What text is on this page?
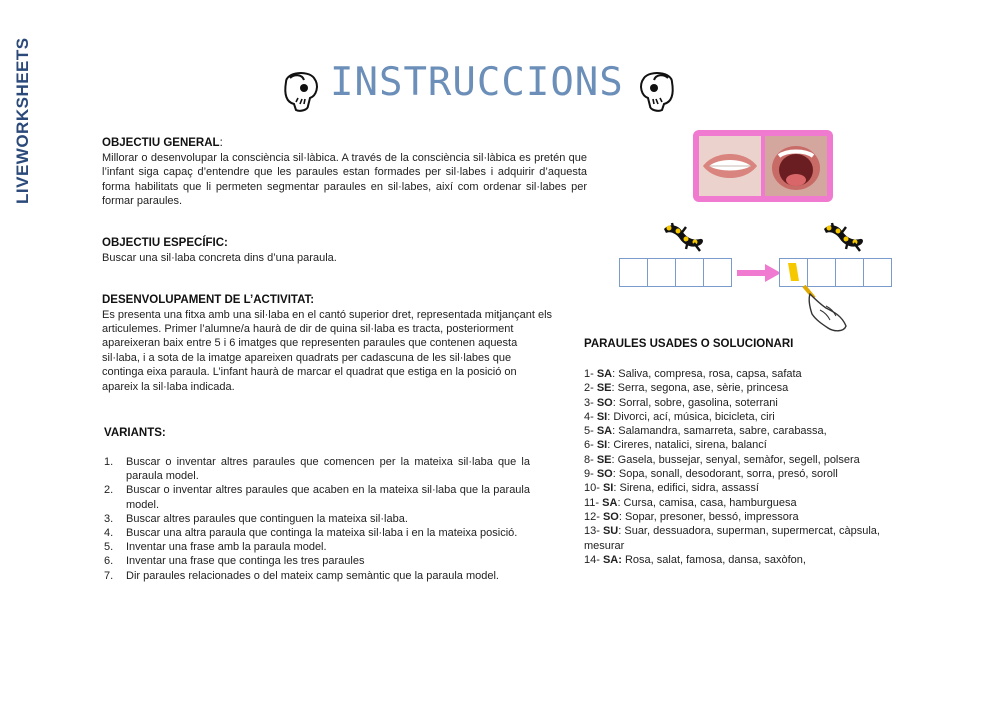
LIVEWORKSHEETS	INSTRUCCIONS
OBJECTIU GENERAL:
Millorar o desenvolupar la consciència sil·làbica. A través de la consciència sil·làbica es pretén que l’infant siga capaç d’entendre que les paraules estan formades per sil·labes i adquirir d’aquesta forma habilitats que li permeten segmentar paraules en sil·labes, així com ordenar sil·labes per formar paraules.
OBJECTIU ESPECÍFIC:
Buscar una sil·laba concreta dins d’una paraula.
DESENVOLUPAMENT DE L’ACTIVITAT:
Es presenta una fitxa amb una sil·laba en el cantó superior dret, representada mitjançant els
articulemes. Primer l’alumne/a haurà de dir de quina sil·laba es tracta, posteriorment apareixeran baix entre 5 i 6 imatges que representen paraules que contenen aquesta sil·laba, i a sota de la imatge apareixen quadrats per cadascuna de les sil·labes que continga eixa paraula. L’infant haurà de marcar el quadrat que estiga en la posició on apareix la sil·laba indicada.
VARIANTS:
1. Buscar o inventar altres paraules que comencen per la mateixa sil·laba que la paraula model.
2. Buscar o inventar altres paraules que acaben en la mateixa sil·laba que la paraula model.
3. Buscar altres paraules que continguen la mateixa sil·laba.
4. Buscar una altra paraula que continga la mateixa sil·laba i en la mateixa posició.
5. Inventar una frase amb la paraula model.
6. Inventar una frase que continga les tres paraules
7. Dir paraules relacionades o del mateix camp semàntic que la paraula model.
PARAULES USADES O SOLUCIONARI
1- SA: Saliva, compresa, rosa, capsa, safata
2- SE: Serra, segona, ase, sèrie, princesa
3- SO: Sorral, sobre, gasolina, soterrani
4- SI: Divorci, ací, música, bicicleta, ciri
5- SA: Salamandra, samarreta, sabre, carabassa,
6- SI: Cireres, natalici, sirena, balancí
8- SE: Gasela, bussejar, senyal, semàfor, segell, polsera
9- SO: Sopa, sonall, desodorant, sorra, presó, soroll
10- SI: Sirena, edifici, sidra, assassí
11- SA: Cursa, camisa, casa, hamburguesa
12- SO: Sopar, presoner, bessó, impressora
13- SU: Suar, dessuadora, superman, supermercat, càpsula, mesurar
14- SA: Rosa, salat, famosa, dansa, saxòfon,
